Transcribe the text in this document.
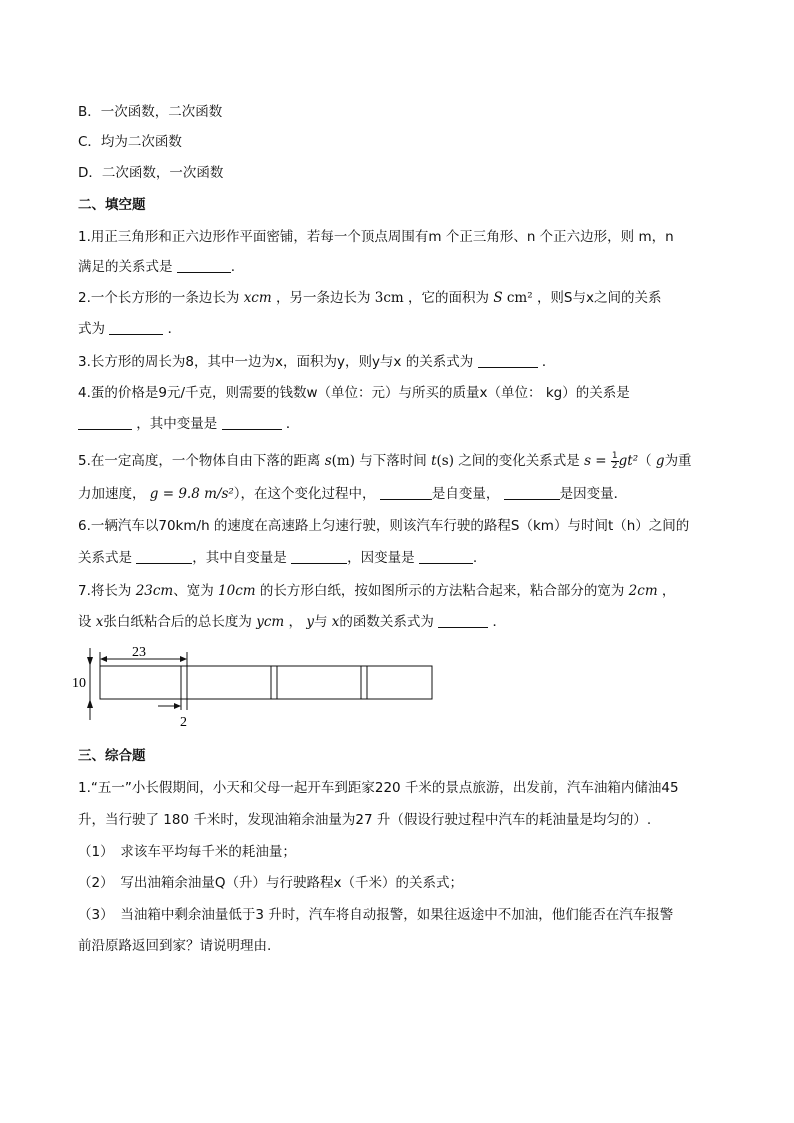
B．一次函数，二次函数
C．均为二次函数
D．二次函数，一次函数
二、填空题
1.用正三角形和正六边形作平面密铺，若每一个顶点周围有m 个正三角形、n 个正六边形，则 m，n
满足的关系式是	.
2.一个长方形的一条边长为 xcm ，另一条边长为 3cm ，它的面积为 S cm² ，则S与x之间的关系
式为	．
3.长方形的周长为8，其中一边为x，面积为y，则y与x 的关系式为	．
4.蛋的价格是9元/千克，则需要的钱数w（单位：元）与所买的质量x（单位： kg）的关系是
，其中变量是	．
5.在一定高度，一个物体自由下落的距离 s(m) 与下落时间 t(s) 之间的变化关系式是 $s = \frac{1}{2} gt^2$（ g为重
力加速度， g = 9.8 m/s²），在这个变化过程中，	是自变量，	是因变量．
6.一辆汽车以70km/h 的速度在高速路上匀速行驶，则该汽车行驶的路程S（km）与时间t（h）之间的
关系式是	，其中自变量是	，因变量是	.
7.将长为 23cm、宽为 10cm 的长方形白纸，按如图所示的方法粘合起来，粘合部分的宽为 2cm ，
设 x张白纸粘合后的总长度为 ycm ， y与 x的函数关系式为	．
23
10
2
三、综合题
1.“五一”小长假期间，小天和父母一起开车到距家220 千米的景点旅游，出发前，汽车油箱内储油45
升，当行驶了 180 千米时，发现油箱余油量为27 升（假设行驶过程中汽车的耗油量是均匀的）.
（1）　求该车平均每千米的耗油量；
（2）　写出油箱余油量Q（升）与行驶路程x（千米）的关系式；
（3）　当油箱中剩余油量低于3 升时，汽车将自动报警，如果往返途中不加油，他们能否在汽车报警
前沿原路返回到家？请说明理由.
